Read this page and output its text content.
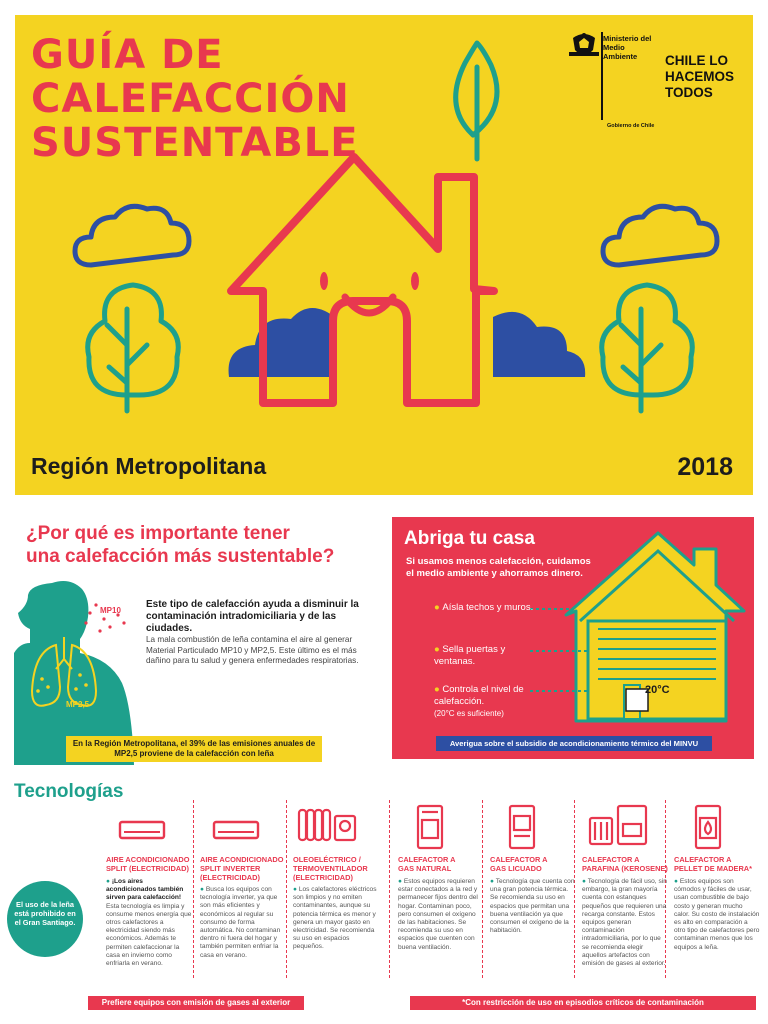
GUÍA DE
CALEFACCIÓN
SUSTENTABLE
Ministerio del
Medio
Ambiente
Gobierno de Chile
CHILE LO
HACEMOS
TODOS
Región Metropolitana	2018
¿Por qué es importante tener
una calefacción más sustentable?
MP10
MP2,5
Este tipo de calefacción ayuda a disminuir la contaminación intradomiciliaria y de las ciudades.
La mala combustión de leña contamina el aire al generar Material Particulado MP10 y MP2,5. Este último es el más dañino para tu salud y genera enfermedades respiratorias.
En la Región Metropolitana, el 39% de las emisiones anuales de MP2,5 proviene de la calefacción con leña
Abriga tu casa
Si usamos menos calefacción, cuidamos el medio ambiente y ahorramos dinero.
● Aísla techos y muros.
● Sella puertas y ventanas.
● Controla el nivel de calefacción.
(20°C es suficiente)
20°C
Averigua sobre el subsidio de acondicionamiento térmico del MINVU
Tecnologías
El uso de la leña
está prohibido en
el Gran Santiago.
AIRE ACONDICIONADO
SPLIT (ELECTRICIDAD)
● ¡Los aires acondicionados también sirven para calefacción! Esta tecnología es limpia y consume menos energía que otros calefactores a electricidad siendo más económicos. Además te permiten calefaccionar la casa en invierno como enfriarla en verano.
AIRE ACONDICIONADO
SPLIT INVERTER
(ELECTRICIDAD)
● Busca los equipos con tecnología inverter, ya que son más eficientes y económicos al regular su consumo de forma automática. No contaminan dentro ni fuera del hogar y también permiten enfriar la casa en verano.
OLEOELÉCTRICO /
TERMOVENTILADOR
(ELECTRICIDAD)
● Los calefactores eléctricos son limpios y no emiten contaminantes, aunque su potencia térmica es menor y genera un mayor gasto en electricidad. Se recomienda su uso en espacios pequeños.
CALEFACTOR A
GAS NATURAL
● Estos equipos requieren estar conectados a la red y permanecer fijos dentro del hogar. Contaminan poco, pero consumen el oxígeno de las habitaciones. Se recomienda su uso en espacios que cuenten con buena ventilación.
CALEFACTOR A
GAS LICUADO
● Tecnología que cuenta con una gran potencia térmica. Se recomienda su uso en espacios que permitan una buena ventilación ya que consumen el oxígeno de la habitación.
CALEFACTOR A
PARAFINA (KEROSENE)
● Tecnología de fácil uso, sin embargo, la gran mayoría cuenta con estanques pequeños que requieren una recarga constante. Estos equipos generan contaminación intradomiciliaria, por lo que se recomienda elegir aquellos artefactos con emisión de gases al exterior.
CALEFACTOR A
PELLET DE MADERA*
● Estos equipos son cómodos y fáciles de usar, usan combustible de bajo costo y generan mucho calor. Su costo de instalación es alto en comparación a otro tipo de calefactores pero contaminan menos que los equipos a leña.
Prefiere equipos con emisión de gases al exterior	*Con restricción de uso en episodios críticos de contaminación
